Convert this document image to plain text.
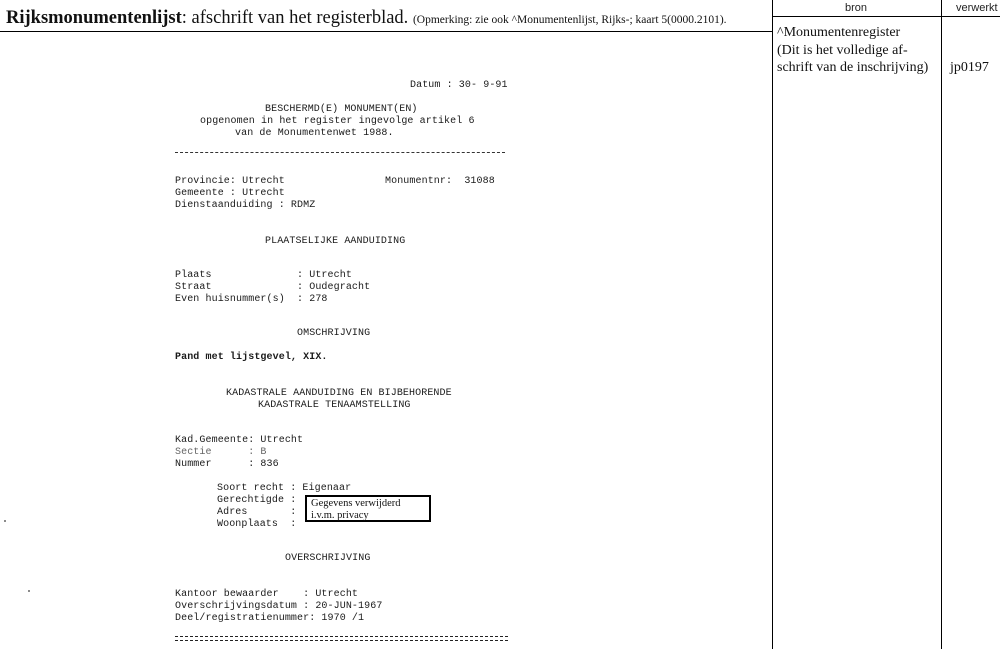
Rijksmonumentenlijst: afschrift van het registerblad. (Opmerking: zie ook ^Monumentenlijst, Rijks-; kaart 5(0000.2101).
bron	verwerkt
^Monumentenregister
(Dit is het volledige af-
schrift van de inschrijving) jp0197
Datum : 30- 9-91
BESCHERMD(E) MONUMENT(EN)
opgenomen in het register ingevolge artikel 6
van de Monumentenwet 1988.
Provincie: Utrecht	Monumentnr:  31088
Gemeente : Utrecht
Dienstaanduiding : RDMZ
PLAATSELIJKE AANDUIDING
Plaats              : Utrecht
Straat              : Oudegracht
Even huisnummer(s)  : 278
OMSCHRIJVING
Pand met lijstgevel, XIX.
KADASTRALE AANDUIDING EN BIJBEHORENDE
KADASTRALE TENAAMSTELLING
Kad.Gemeente: Utrecht
Sectie      : B
Nummer      : 836
Soort recht : Eigenaar
Gerechtigde :
Adres       :
Woonplaats  :
Gegevens verwijderd i.v.m. privacy
OVERSCHRIJVING
Kantoor bewaarder    : Utrecht
Overschrijvingsdatum : 20-JUN-1967
Deel/registratienummer: 1970 /1
